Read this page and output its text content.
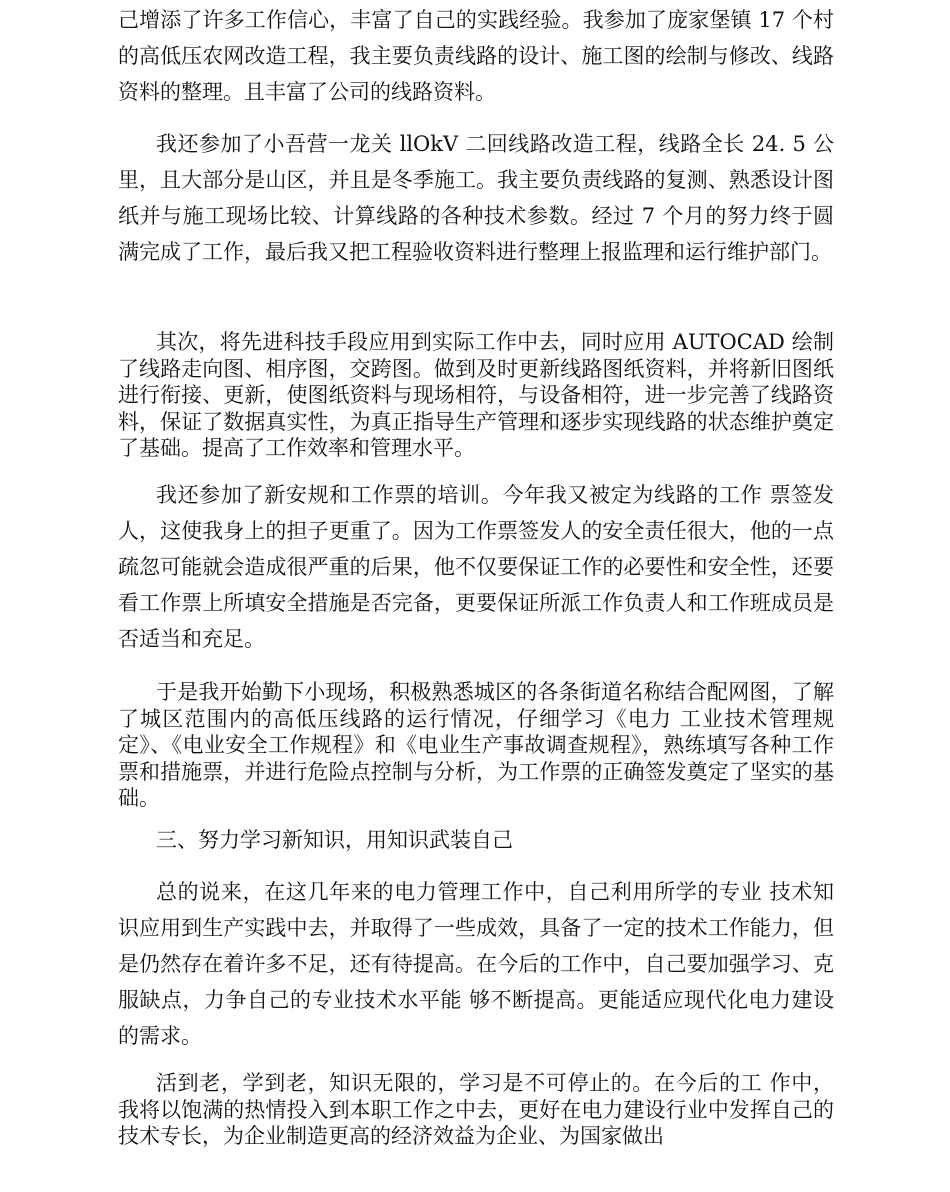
己增添了许多工作信心，丰富了自己的实践经验。我参加了庞家堡镇 17 个村的高低压农网改造工程，我主要负责线路的设计、施工图的绘制与修改、线路资料的整理。且丰富了公司的线路资料。

我还参加了小吾营一龙关 llOkV 二回线路改造工程，线路全长 24. 5 公里，且大部分是山区，并且是冬季施工。我主要负责线路的复测、熟悉设计图纸并与施工现场比较、计算线路的各种技术参数。经过 7 个月的努力终于圆满完成了工作，最后我又把工程验收资料进行整理上报监理和运行维护部门。

其次，将先进科技手段应用到实际工作中去，同时应用 AUTOCAD 绘制了线路走向图、相序图，交跨图。做到及时更新线路图纸资料，并将新旧图纸进行衔接、更新，使图纸资料与现场相符，与设备相符，进一步完善了线路资料，保证了数据真实性，为真正指导生产管理和逐步实现线路的状态维护奠定了基础。提高了工作效率和管理水平。

我还参加了新安规和工作票的培训。今年我又被定为线路的工作 票签发人，这使我身上的担子更重了。因为工作票签发人的安全责任很大，他的一点疏忽可能就会造成很严重的后果，他不仅要保证工作的必要性和安全性，还要看工作票上所填安全措施是否完备，更要保证所派工作负责人和工作班成员是否适当和充足。

于是我开始勤下小现场，积极熟悉城区的各条街道名称结合配网图，了解了城区范围内的高低压线路的运行情况，仔细学习《电力 工业技术管理规定》、《电业安全工作规程》和《电业生产事故调查规程》，熟练填写各种工作票和措施票，并进行危险点控制与分析，为工作票的正确签发奠定了坚实的基础。

三、努力学习新知识，用知识武装自己

总的说来，在这几年来的电力管理工作中，自己利用所学的专业 技术知识应用到生产实践中去，并取得了一些成效，具备了一定的技术工作能力，但是仍然存在着许多不足，还有待提高。在今后的工作中，自己要加强学习、克服缺点，力争自己的专业技术水平能 够不断提高。更能适应现代化电力建设的需求。

活到老，学到老，知识无限的，学习是不可停止的。在今后的工 作中，我将以饱满的热情投入到本职工作之中去，更好在电力建设行业中发挥自己的技术专长，为企业制造更高的经济效益为企业、为国家做出
